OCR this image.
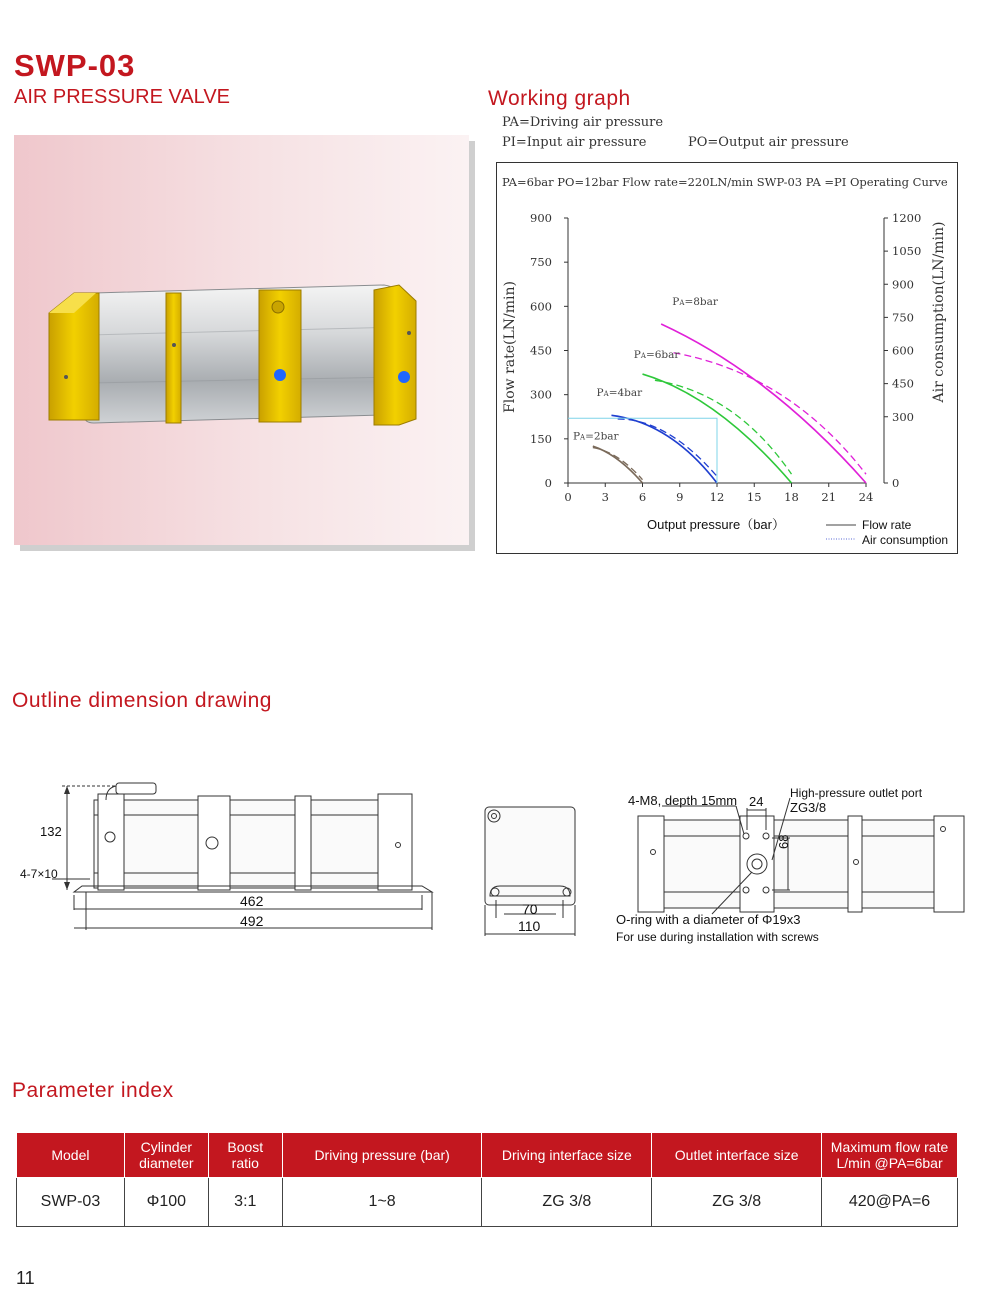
SWP-03
AIR PRESSURE VALVE	Working graph
PA=Driving air pressure
PI=Input air pressure	PO=Output air pressure
PA=6bar PO=12bar Flow rate=220LN/min SWP-03 PA =PI Operating Curve
0	3	6	9 12 15 18 21 24
0
150
300
450
600
750
900
0
300
450
600
750
900
1050
1200
PA=2bar
PA=4bar
PA=6bar
PA=8bar
Flow rate(LN/min)	Air consumption(LN/min)
Output pressure（bar）	Flow rate
Air consumption
Outline dimension drawing
132
4-7×10
462
492
70
110
4-M8, depth 15mm 24
High-pressure outlet port
ZG3/8
68
O-ring with a diameter of Φ19x3
For use during installation with screws
Parameter index
Model	Cylinder diameter	Boost ratio	Driving pressure (bar)	Driving interface size	Outlet interface size	Maximum flow rate L/min @PA=6bar
SWP-03	Φ100	3:1	1~8	ZG 3/8	ZG 3/8	420@PA=6
11
